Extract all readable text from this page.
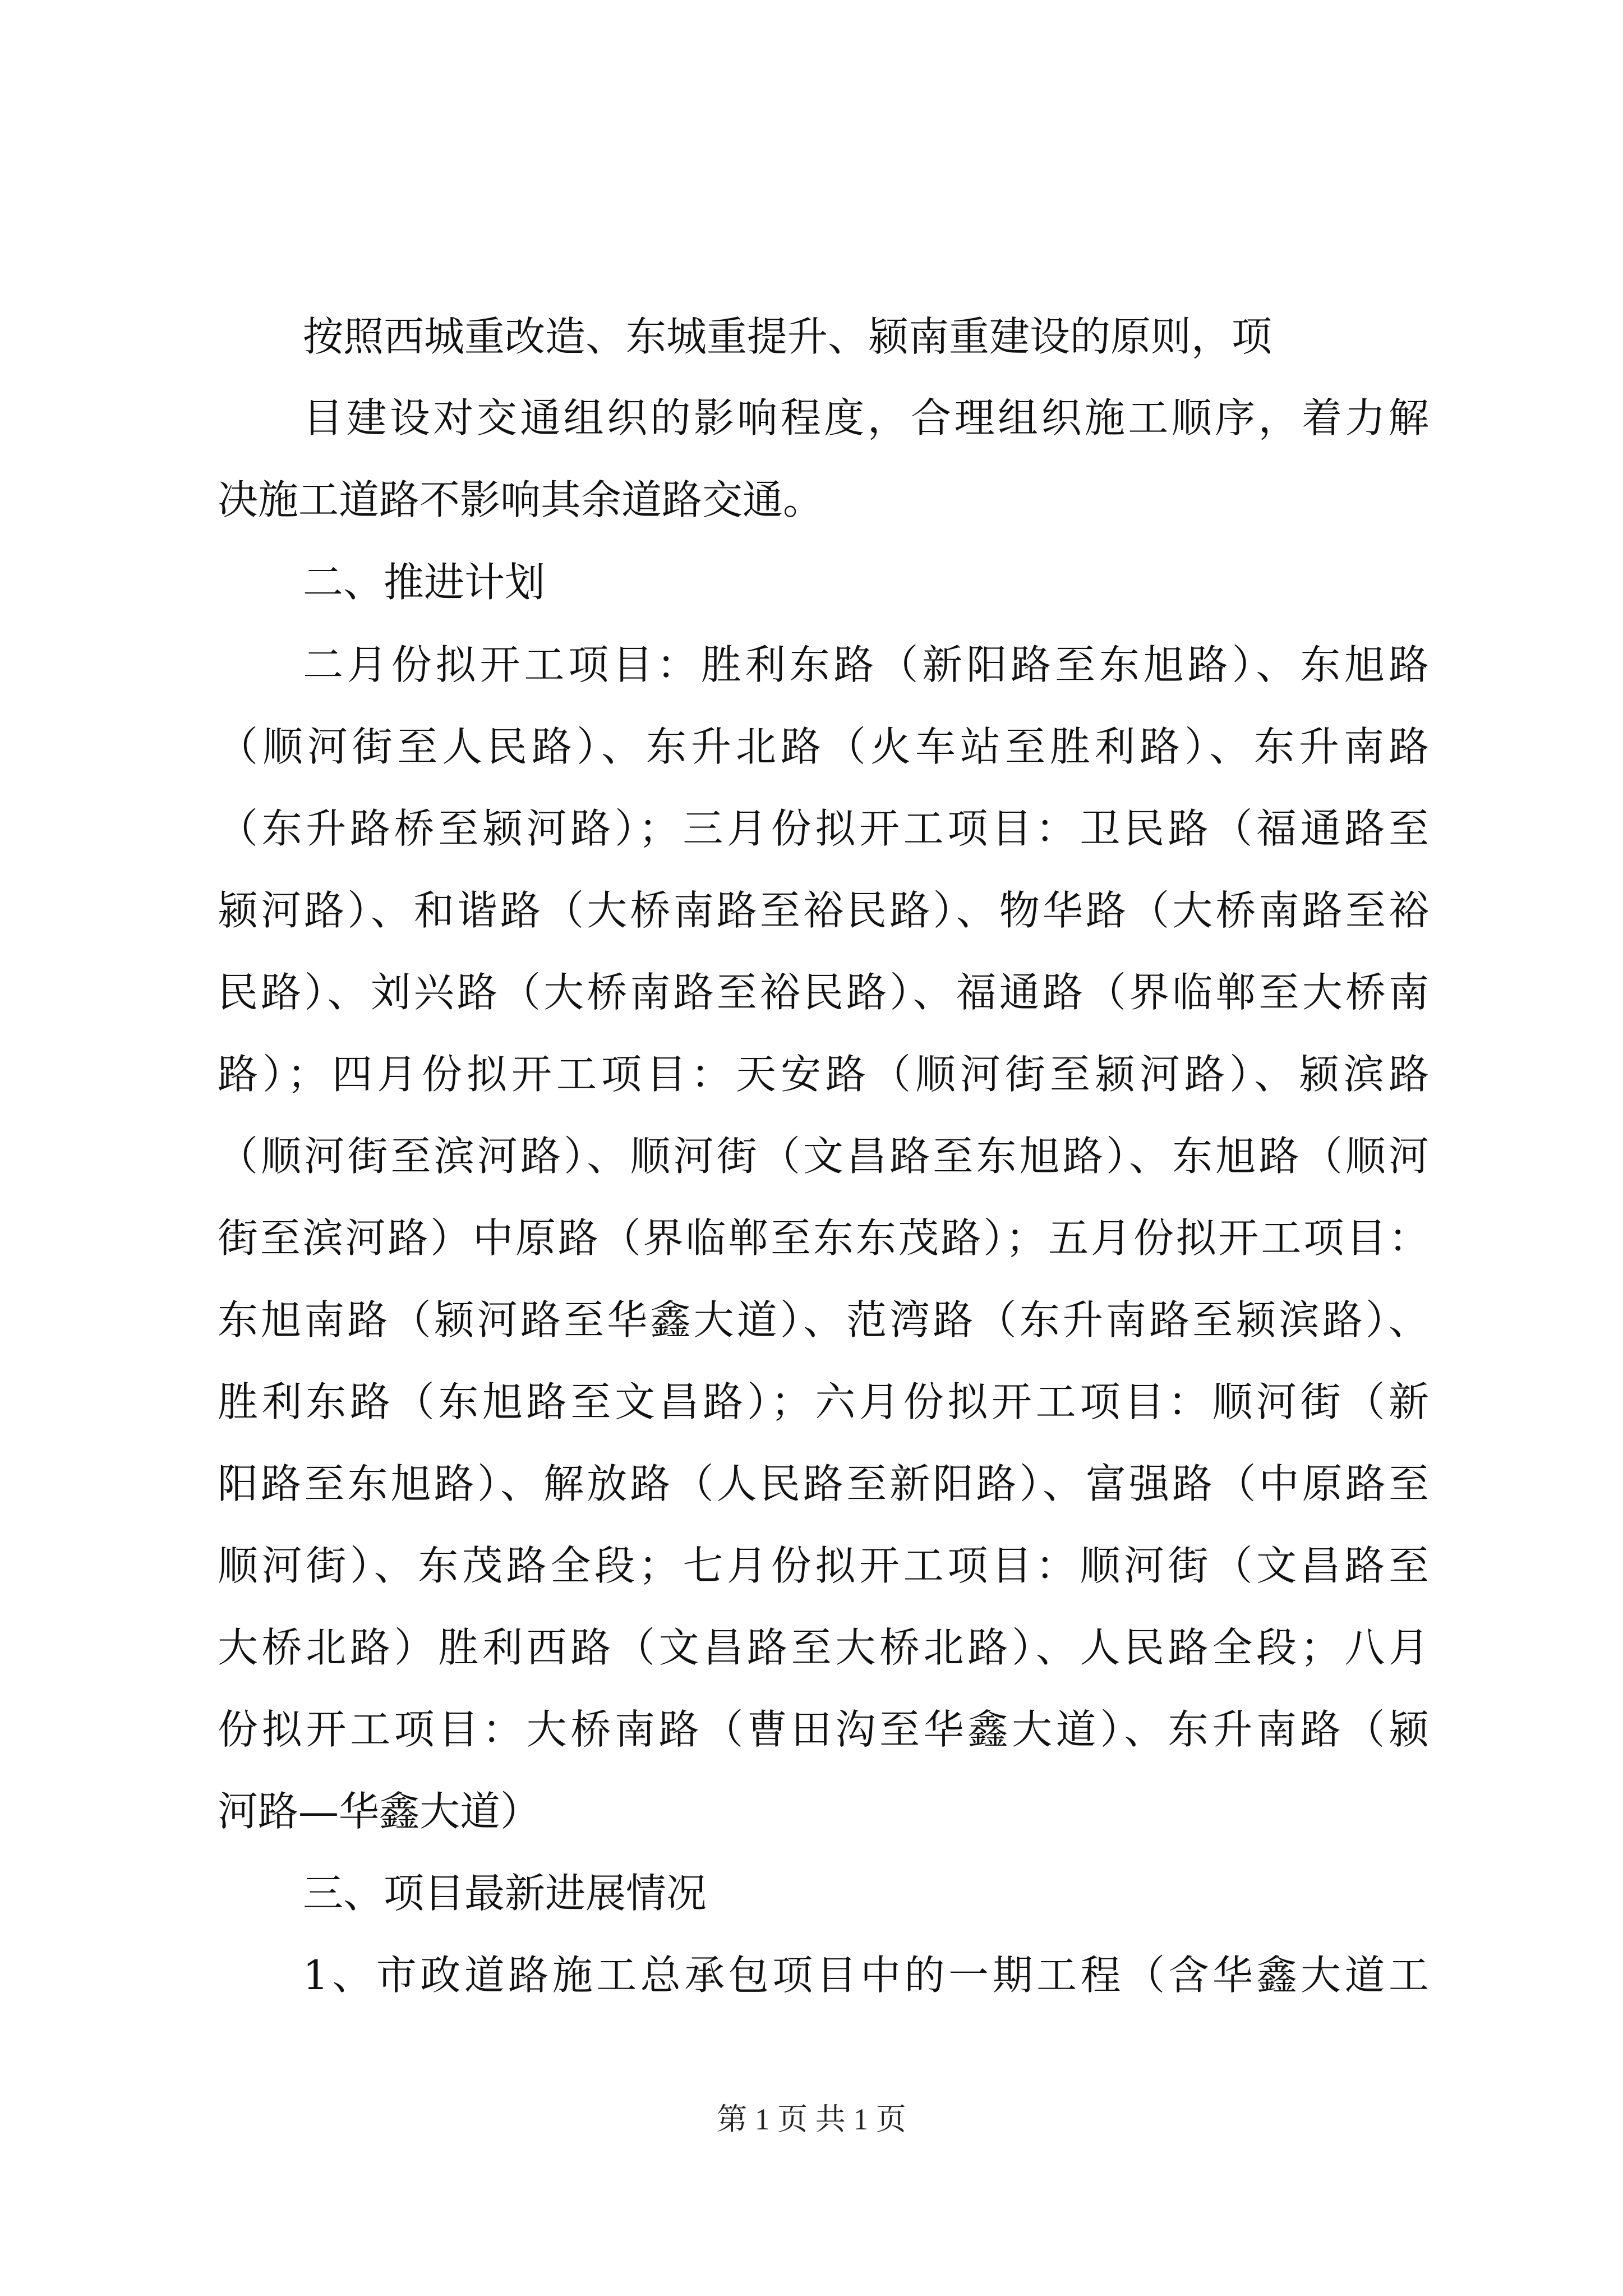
按照西城重改造、东城重提升、颍南重建设的原则，项
目建设对交通组织的影响程度，合理组织施工顺序，着力解
决施工道路不影响其余道路交通。
二、推进计划
二月份拟开工项目：胜利东路（新阳路至东旭路）、东旭路
（顺河街至人民路）、东升北路（火车站至胜利路）、东升南路
（东升路桥至颍河路）；三月份拟开工项目：卫民路（福通路至
颍河路）、和谐路（大桥南路至裕民路）、物华路（大桥南路至裕
民路）、刘兴路（大桥南路至裕民路）、福通路（界临郸至大桥南
路）；四月份拟开工项目：天安路（顺河街至颍河路）、颍滨路
（顺河街至滨河路）、顺河街（文昌路至东旭路）、东旭路（顺河
街至滨河路）中原路（界临郸至东东茂路）；五月份拟开工项目：
东旭南路（颍河路至华鑫大道）、范湾路（东升南路至颍滨路）、
胜利东路（东旭路至文昌路）；六月份拟开工项目：顺河街（新
阳路至东旭路）、解放路（人民路至新阳路）、富强路（中原路至
顺河街）、东茂路全段；七月份拟开工项目：顺河街（文昌路至
大桥北路）胜利西路（文昌路至大桥北路）、人民路全段；八月
份拟开工项目：大桥南路（曹田沟至华鑫大道）、东升南路（颍
河路—华鑫大道）
三、项目最新进展情况
1、市政道路施工总承包项目中的一期工程（含华鑫大道工
第 1 页 共 1 页
